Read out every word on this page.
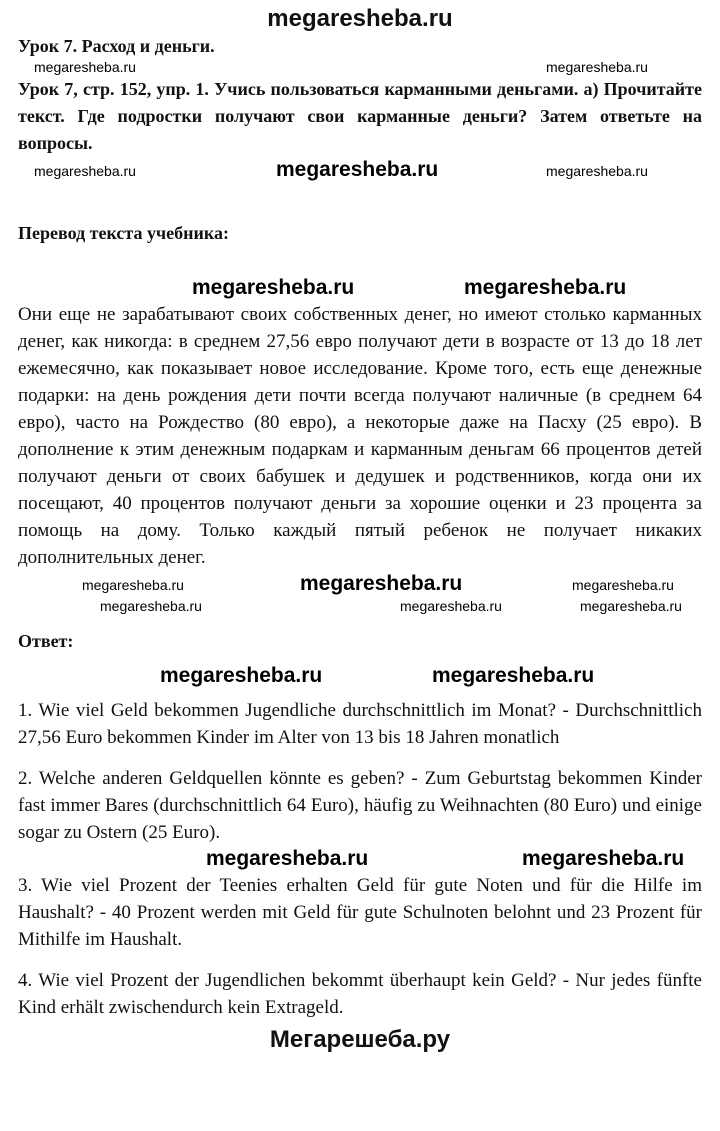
megaresheba.ru
Урок 7. Расход и деньги.
megaresheba.ru	megaresheba.ru
Урок 7, стр. 152, упр. 1. Учись пользоваться карманными деньгами. а) Прочитайте текст. Где подростки получают свои карманные деньги? Затем ответьте на вопросы.
megaresheba.ru	megaresheba.ru	megaresheba.ru
Перевод текста учебника:
megaresheba.ru	megaresheba.ru
Они еще не зарабатывают своих собственных денег, но имеют столько карманных денег, как никогда: в среднем 27,56 евро получают дети в возрасте от 13 до 18 лет ежемесячно, как показывает новое исследование. Кроме того, есть еще денежные подарки: на день рождения дети почти всегда получают наличные (в среднем 64 евро), часто на Рождество (80 евро), а некоторые даже на Пасху (25 евро). В дополнение к этим денежным подаркам и карманным деньгам 66 процентов детей получают деньги от своих бабушек и дедушек и родственников, когда они их посещают, 40 процентов получают деньги за хорошие оценки и 23 процента за помощь на дому. Только каждый пятый ребенок не получает никаких дополнительных денег.
megaresheba.ru	megaresheba.ru	megaresheba.ru
megaresheba.ru	megaresheba.ru	megaresheba.ru
Ответ:
megaresheba.ru	megaresheba.ru
1. Wie viel Geld bekommen Jugendliche durchschnittlich im Monat? - Durchschnittlich 27,56 Euro bekommen Kinder im Alter von 13 bis 18 Jahren monatlich
2. Welche anderen Geldquellen könnte es geben? - Zum Geburtstag bekommen Kinder fast immer Bares (durchschnittlich 64 Euro), häufig zu Weihnachten (80 Euro) und einige sogar zu Ostern (25 Euro).
megaresheba.ru	megaresheba.ru
3. Wie viel Prozent der Teenies erhalten Geld für gute Noten und für die Hilfe im Haushalt? - 40 Prozent werden mit Geld für gute Schulnoten belohnt und 23 Prozent für Mithilfe im Haushalt.
4. Wie viel Prozent der Jugendlichen bekommt überhaupt kein Geld? - Nur jedes fünfte Kind erhält zwischendurch kein Extrageld.
Мегарешеба.ру
